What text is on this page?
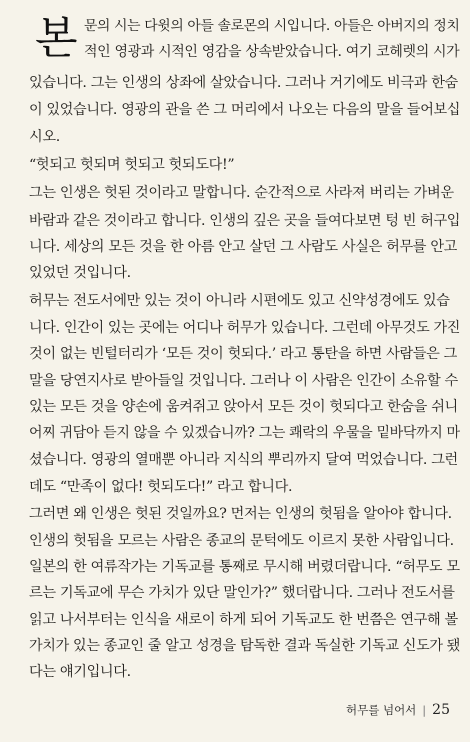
본 문의 시는 다윗의 아들 솔로몬의 시입니다. 아들은 아버지의 정치
적인 영광과 시적인 영감을 상속받았습니다. 여기 코헤렛의 시가
있습니다. 그는 인생의 상좌에 살았습니다. 그러나 거기에도 비극과 한숨
이 있었습니다. 영광의 관을 쓴 그 머리에서 나오는 다음의 말을 들어보십
시오.
“헛되고 헛되며 헛되고 헛되도다!”
그는 인생은 헛된 것이라고 말합니다. 순간적으로 사라져 버리는 가벼운
바람과 같은 것이라고 합니다. 인생의 깊은 곳을 들여다보면 텅 빈 허구입
니다. 세상의 모든 것을 한 아름 안고 살던 그 사람도 사실은 허무를 안고
있었던 것입니다.
허무는 전도서에만 있는 것이 아니라 시편에도 있고 신약성경에도 있습
니다. 인간이 있는 곳에는 어디나 허무가 있습니다. 그런데 아무것도 가진
것이 없는 빈털터리가 ‘모든 것이 헛되다.’ 라고 통탄을 하면 사람들은 그
말을 당연지사로 받아들일 것입니다. 그러나 이 사람은 인간이 소유할 수
있는 모든 것을 양손에 움켜쥐고 앉아서 모든 것이 헛되다고 한숨을 쉬니
어찌 귀담아 듣지 않을 수 있겠습니까? 그는 쾌락의 우물을 밑바닥까지 마
셨습니다. 영광의 열매뿐 아니라 지식의 뿌리까지 달여 먹었습니다. 그런
데도 “만족이 없다! 헛되도다!” 라고 합니다.
그러면 왜 인생은 헛된 것일까요? 먼저는 인생의 헛됨을 알아야 합니다.
인생의 헛됨을 모르는 사람은 종교의 문턱에도 이르지 못한 사람입니다.
일본의 한 여류작가는 기독교를 통째로 무시해 버렸더랍니다. “허무도 모
르는 기독교에 무슨 가치가 있단 말인가?” 했더랍니다. 그러나 전도서를
읽고 나서부터는 인식을 새로이 하게 되어 기독교도 한 번쯤은 연구해 볼
가치가 있는 종교인 줄 알고 성경을 탐독한 결과 독실한 기독교 신도가 됐
다는 얘기입니다.
허무를 넘어서 | 25
